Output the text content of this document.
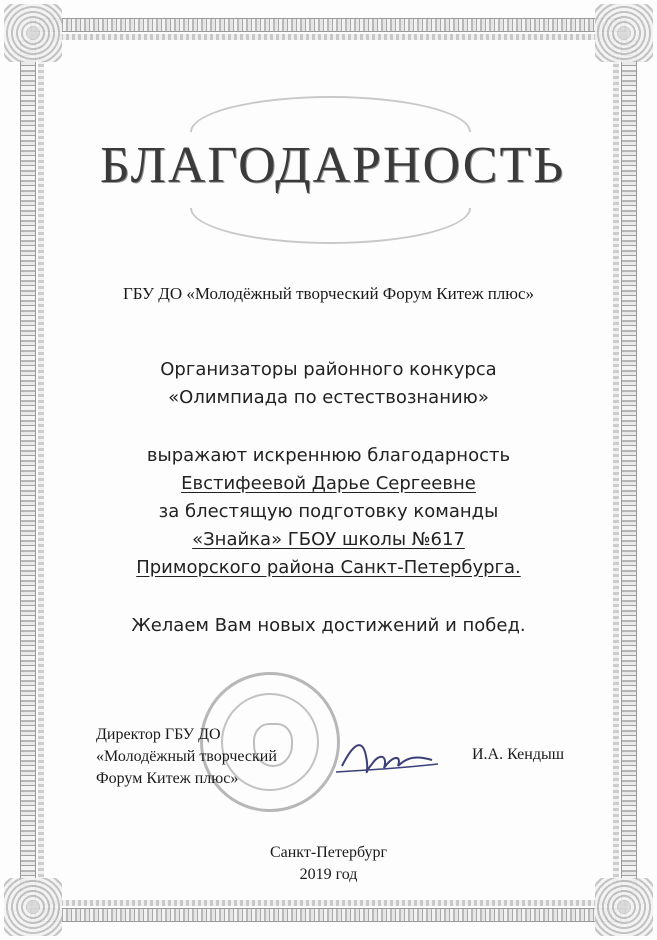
БЛАГОДАРНОСТЬ
ГБУ ДО «Молодёжный творческий Форум Китеж плюс»
Организаторы районного конкурса
«Олимпиада по естествознанию»
выражают искреннюю благодарность
Евстифеевой Дарье Сергеевне
за блестящую подготовку команды
«Знайка» ГБОУ школы №617
Приморского района Санкт-Петербурга.
Желаем Вам новых достижений и побед.
Директор ГБУ ДО
«Молодёжный творческий
Форум Китеж плюс»
И.А. Кендыш
Санкт-Петербург
2019 год
